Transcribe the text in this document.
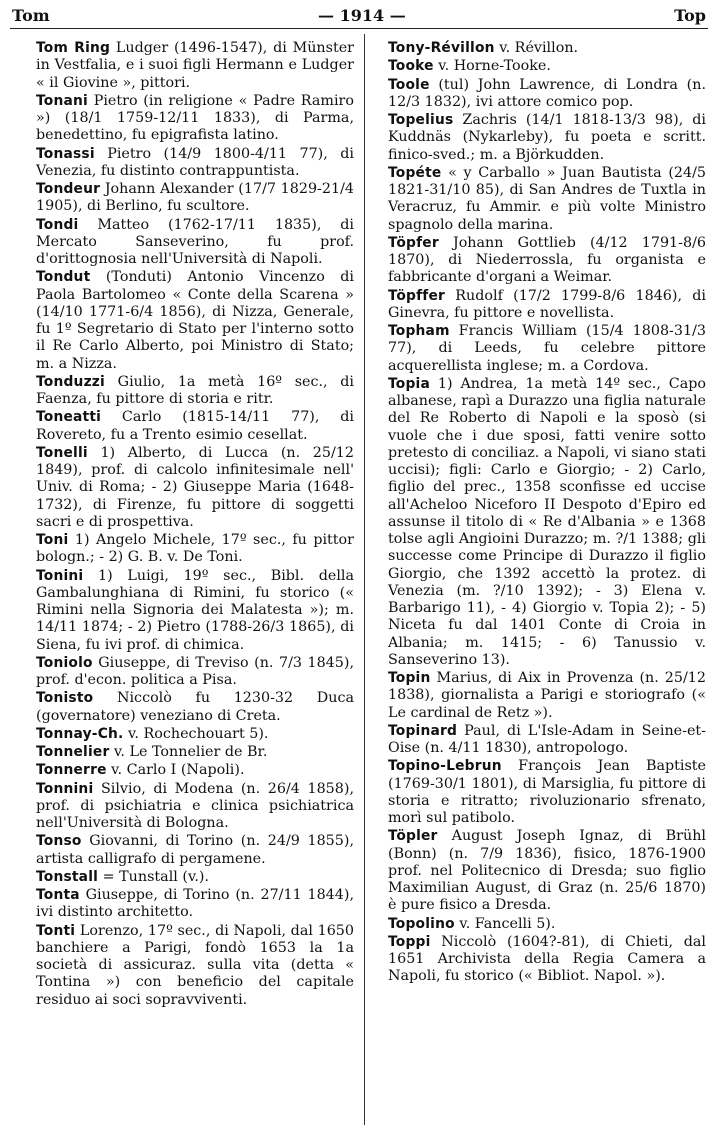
Tom	— 1914 —	Top

Tom Ring Ludger (1496-1547), di Münster in Vestfalia, e i suoi figli Hermann e Ludger « il Giovine », pittori.

Tonani Pietro (in religione « Padre Ramiro ») (18/1 1759-12/11 1833), di Parma, benedettino, fu epigrafista latino.

Tonassi Pietro (14/9 1800-4/11 77), di Venezia, fu distinto contrappuntista.

Tondeur Johann Alexander (17/7 1829-21/4 1905), di Berlino, fu scultore.

Tondi Matteo (1762-17/11 1835), di Mercato Sanseverino, fu prof. d'orittognosia nell'Università di Napoli.

Tondut (Tonduti) Antonio Vincenzo di Paola Bartolomeo « Conte della Scarena » (14/10 1771-6/4 1856), di Nizza, Generale, fu 1º Segretario di Stato per l'interno sotto il Re Carlo Alberto, poi Ministro di Stato; m. a Nizza.

Tonduzzi Giulio, 1a metà 16º sec., di Faenza, fu pittore di storia e ritr.

Toneatti Carlo (1815-14/11 77), di Rovereto, fu a Trento esimio cesellat.

Tonelli 1) Alberto, di Lucca (n. 25/12 1849), prof. di calcolo infinitesimale nell' Univ. di Roma; - 2) Giuseppe Maria (1648-1732), di Firenze, fu pittore di soggetti sacri e di prospettiva.

Toni 1) Angelo Michele, 17º sec., fu pittor bologn.; - 2) G. B. v. De Toni.

Tonini 1) Luigi, 19º sec., Bibl. della Gambalunghiana di Rimini, fu storico (« Rimini nella Signoria dei Malatesta »); m. 14/11 1874; - 2) Pietro (1788-26/3 1865), di Siena, fu ivi prof. di chimica.

Toniolo Giuseppe, di Treviso (n. 7/3 1845), prof. d'econ. politica a Pisa.

Tonisto Niccolò fu 1230-32 Duca (governatore) veneziano di Creta.

Tonnay-Ch. v. Rochechouart 5).

Tonnelier v. Le Tonnelier de Br.

Tonnerre v. Carlo I (Napoli).

Tonnini Silvio, di Modena (n. 26/4 1858), prof. di psichiatria e clinica psichiatrica nell'Università di Bologna.

Tonso Giovanni, di Torino (n. 24/9 1855), artista calligrafo di pergamene.

Tonstall = Tunstall (v.).

Tonta Giuseppe, di Torino (n. 27/11 1844), ivi distinto architetto.

Tonti Lorenzo, 17º sec., di Napoli, dal 1650 banchiere a Parigi, fondò 1653 la 1a società di assicuraz. sulla vita (detta « Tontina ») con beneficio del capitale residuo ai soci sopravviventi.

Tony-Révillon v. Révillon.

Tooke v. Horne-Tooke.

Toole (tul) John Lawrence, di Londra (n. 12/3 1832), ivi attore comico pop.

Topelius Zachris (14/1 1818-13/3 98), di Kuddnäs (Nykarleby), fu poeta e scritt. finico-sved.; m. a Björkudden.

Topéte « y Carballo » Juan Bautista (24/5 1821-31/10 85), di San Andres de Tuxtla in Veracruz, fu Ammir. e più volte Ministro spagnolo della marina.

Töpfer Johann Gottlieb (4/12 1791-8/6 1870), di Niederrossla, fu organista e fabbricante d'organi a Weimar.

Töpffer Rudolf (17/2 1799-8/6 1846), di Ginevra, fu pittore e novellista.

Topham Francis William (15/4 1808-31/3 77), di Leeds, fu celebre pittore acquerellista inglese; m. a Cordova.

Topia 1) Andrea, 1a metà 14º sec., Capo albanese, rapì a Durazzo una figlia naturale del Re Roberto di Napoli e la sposò (si vuole che i due sposi, fatti venire sotto pretesto di conciliaz. a Napoli, vi siano stati uccisi); figli: Carlo e Giorgio; - 2) Carlo, figlio del prec., 1358 sconfisse ed uccise all'Acheloo Niceforo II Despoto d'Epiro ed assunse il titolo di « Re d'Albania » e 1368 tolse agli Angioini Durazzo; m. ?/1 1388; gli successe come Principe di Durazzo il figlio Giorgio, che 1392 accettò la protez. di Venezia (m. ?/10 1392); - 3) Elena v. Barbarigo 11), - 4) Giorgio v. Topia 2); - 5) Niceta fu dal 1401 Conte di Croia in Albania; m. 1415; - 6) Tanussio v. Sanseverino 13).

Topin Marius, di Aix in Provenza (n. 25/12 1838), giornalista a Parigi e storiografo (« Le cardinal de Retz »).

Topinard Paul, di L'Isle-Adam in Seine-et-Oise (n. 4/11 1830), antropologo.

Topino-Lebrun François Jean Baptiste (1769-30/1 1801), di Marsiglia, fu pittore di storia e ritratto; rivoluzionario sfrenato, morì sul patibolo.

Töpler August Joseph Ignaz, di Brühl (Bonn) (n. 7/9 1836), fisico, 1876-1900 prof. nel Politecnico di Dresda; suo figlio Maximilian August, di Graz (n. 25/6 1870) è pure fisico a Dresda.

Topolino v. Fancelli 5).

Toppi Niccolò (1604?-81), di Chieti, dal 1651 Archivista della Regia Camera a Napoli, fu storico (« Bibliot. Napol. »).
